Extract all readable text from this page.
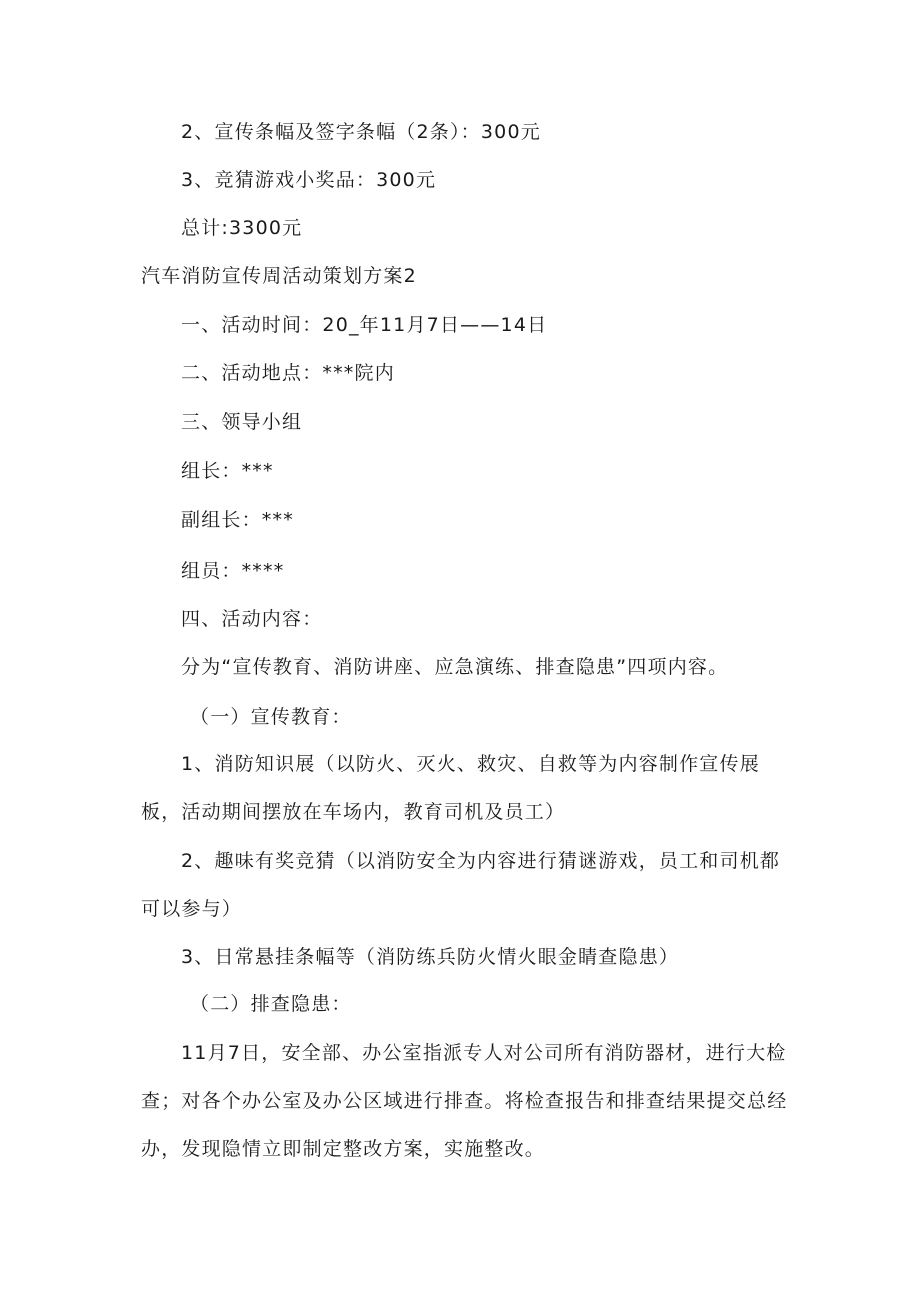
2、宣传条幅及签字条幅（2条）：300元
3、竞猜游戏小奖品：300元
总计:3300元
汽车消防宣传周活动策划方案2
一、活动时间：20_年11月7日——14日
二、活动地点：***院内
三、领导小组
组长：***
副组长：***
组员：****
四、活动内容：
分为“宣传教育、消防讲座、应急演练、排查隐患”四项内容。
（一）宣传教育：
1、消防知识展（以防火、灭火、救灾、自救等为内容制作宣传展
板，活动期间摆放在车场内，教育司机及员工）
2、趣味有奖竞猜（以消防安全为内容进行猜谜游戏，员工和司机都
可以参与）
3、日常悬挂条幅等（消防练兵防火情火眼金睛查隐患）
（二）排查隐患：
11月7日，安全部、办公室指派专人对公司所有消防器材，进行大检
查；对各个办公室及办公区域进行排查。将检查报告和排查结果提交总经
办，发现隐情立即制定整改方案，实施整改。
